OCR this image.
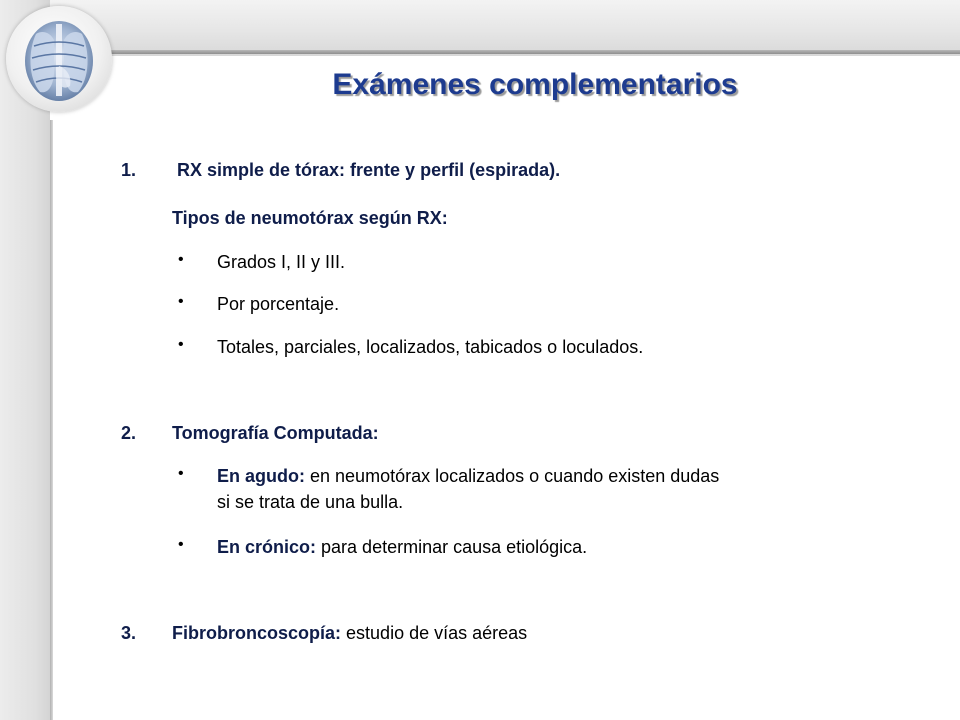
Exámenes complementarios
1. RX simple de tórax: frente y perfil (espirada).
Tipos de neumotórax según RX:
• Grados I, II y III.
• Por porcentaje.
• Totales, parciales, localizados, tabicados o loculados.
2. Tomografía Computada:
• En agudo: en neumotórax localizados o cuando existen dudas
si se trata de una bulla.
• En crónico: para determinar causa etiológica.
3. Fibrobroncoscopía: estudio de vías aéreas
